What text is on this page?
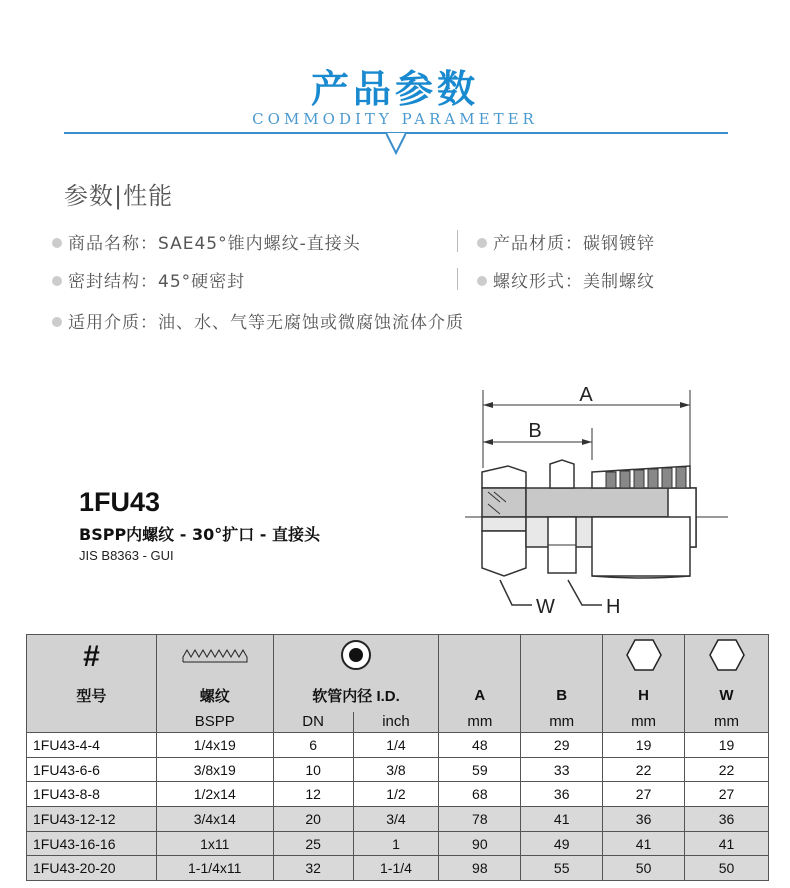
产品参数
COMMODITY PARAMETER
参数|性能
商品名称：SAE45°锥内螺纹-直接头	产品材质：碳钢镀锌
密封结构：45°硬密封	螺纹形式：美制螺纹
适用介质：油、水、气等无腐蚀或微腐蚀流体介质
1FU43
BSPP内螺纹 - 30°扩口 - 直接头
JIS B8363 - GUI
A
B
W	H
#						
型号	螺纹	软管内径 I.D.		A	B	H	W
	BSPP	DN	inch	mm	mm	mm	mm
1FU43-4-4	1/4x19	6	1/4	48	29	19	19
1FU43-6-6	3/8x19	10	3/8	59	33	22	22
1FU43-8-8	1/2x14	12	1/2	68	36	27	27
1FU43-12-12	3/4x14	20	3/4	78	41	36	36
1FU43-16-16	1x11	25	1	90	49	41	41
1FU43-20-20	1-1/4x11	32	1-1/4	98	55	50	50
